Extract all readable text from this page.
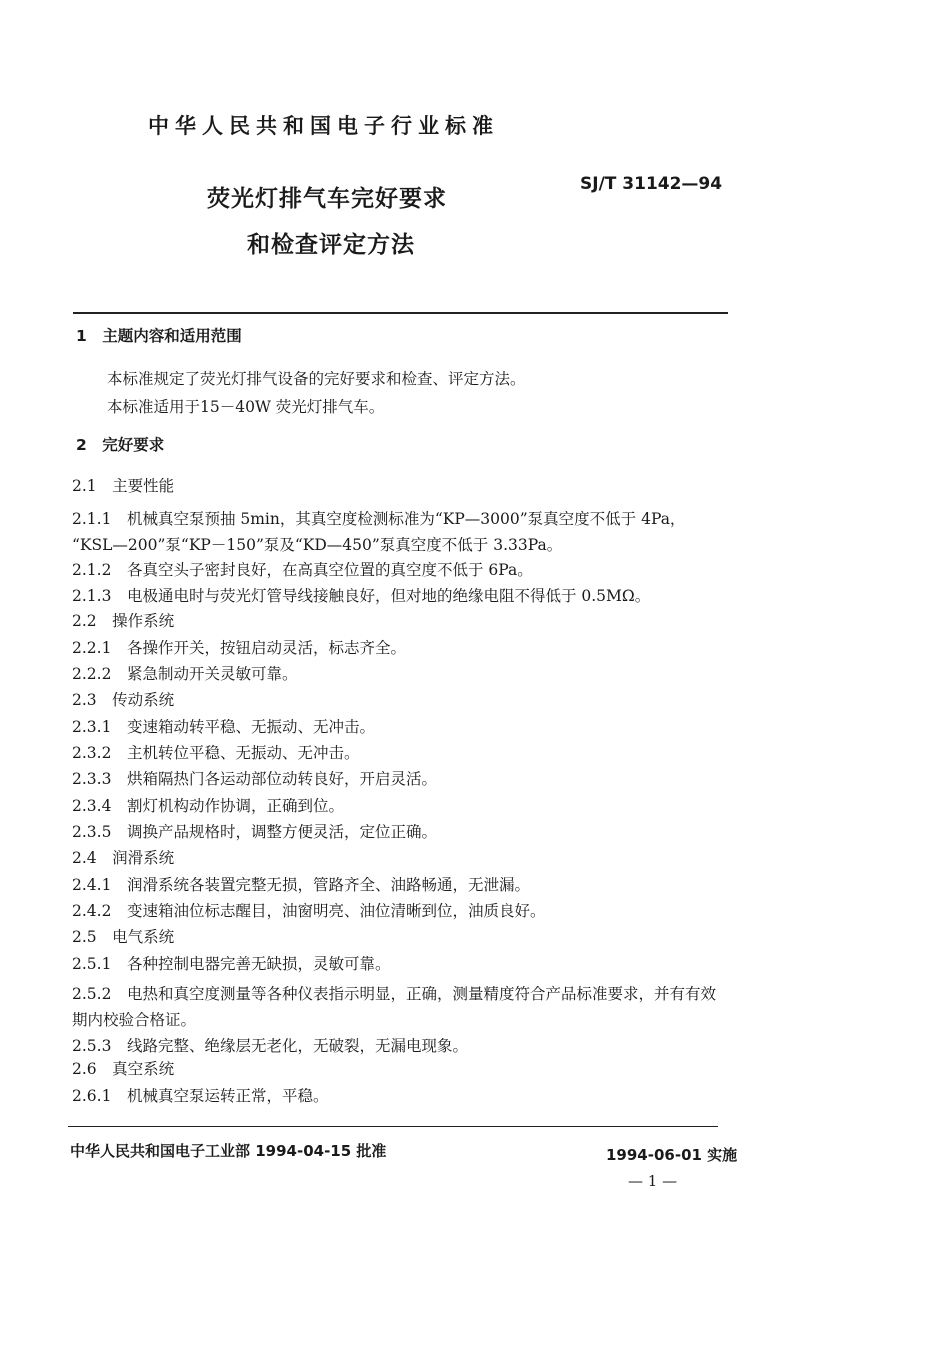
中华人民共和国电子行业标准
SJ/T 31142—94
荧光灯排气车完好要求
和检查评定方法
1　主题内容和适用范围
本标准规定了荧光灯排气设备的完好要求和检查、评定方法。
本标准适用于15－40W 荧光灯排气车。
2　完好要求
2.1　主要性能
2.1.1　机械真空泵预抽 5min，其真空度检测标准为“KP—3000”泵真空度不低于 4Pa，
“KSL—200”泵“KP－150”泵及“KD—450”泵真空度不低于 3.33Pa。
2.1.2　各真空头子密封良好，在高真空位置的真空度不低于 6Pa。
2.1.3　电极通电时与荧光灯管导线接触良好，但对地的绝缘电阻不得低于 0.5MΩ。
2.2　操作系统
2.2.1　各操作开关，按钮启动灵活，标志齐全。
2.2.2　紧急制动开关灵敏可靠。
2.3　传动系统
2.3.1　变速箱动转平稳、无振动、无冲击。
2.3.2　主机转位平稳、无振动、无冲击。
2.3.3　烘箱隔热门各运动部位动转良好，开启灵活。
2.3.4　割灯机构动作协调，正确到位。
2.3.5　调换产品规格时，调整方便灵活，定位正确。
2.4　润滑系统
2.4.1　润滑系统各装置完整无损，管路齐全、油路畅通，无泄漏。
2.4.2　变速箱油位标志醒目，油窗明亮、油位清晰到位，油质良好。
2.5　电气系统
2.5.1　各种控制电器完善无缺损，灵敏可靠。
2.5.2　电热和真空度测量等各种仪表指示明显，正确，测量精度符合产品标准要求，并有有效
期内校验合格证。
2.5.3　线路完整、绝缘层无老化，无破裂，无漏电现象。
2.6　真空系统
2.6.1　机械真空泵运转正常，平稳。
中华人民共和国电子工业部 1994-04-15 批准	1994-06-01 实施
— 1 —
